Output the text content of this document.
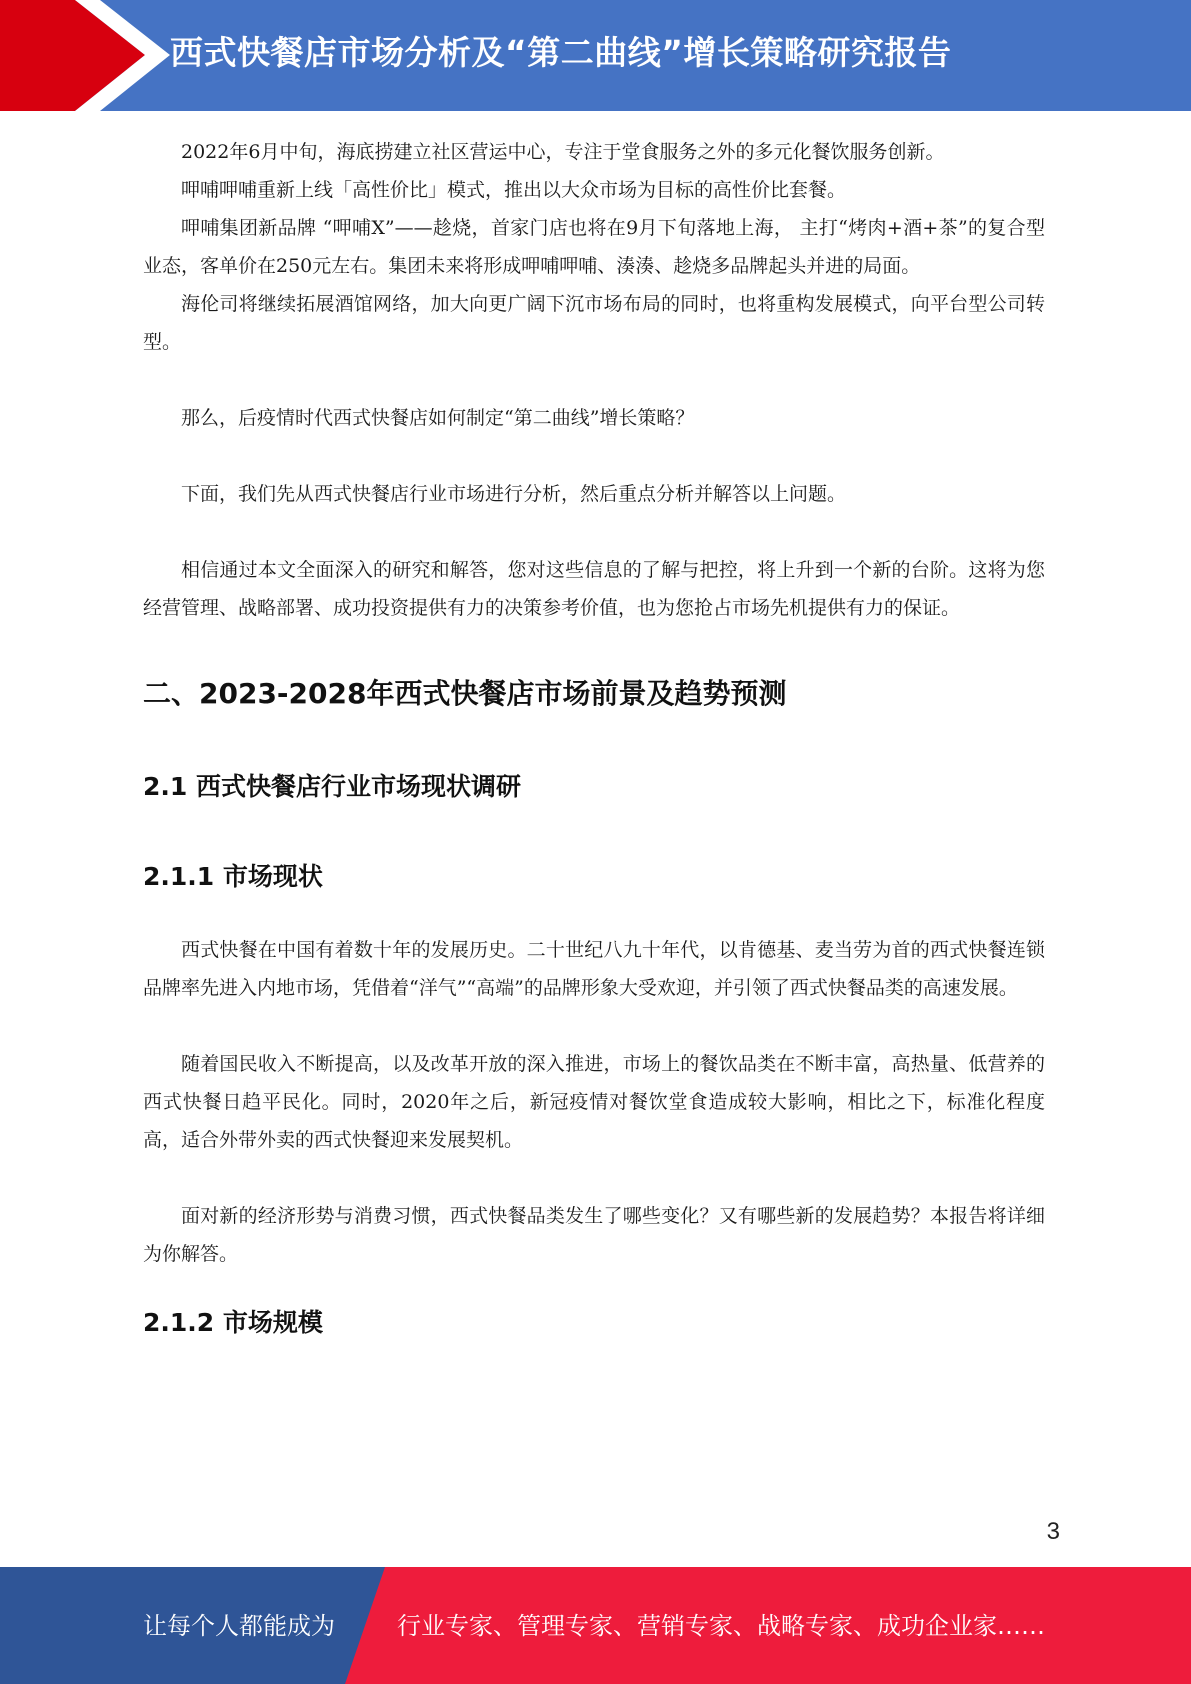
西式快餐店市场分析及“第二曲线”增长策略研究报告

2022年6月中旬，海底捞建立社区营运中心，专注于堂食服务之外的多元化餐饮服务创新。

呷哺呷哺重新上线「高性价比」模式，推出以大众市场为目标的高性价比套餐。

呷哺集团新品牌 “呷哺X”——趁烧，首家门店也将在9月下旬落地上海， 主打“烤肉+酒+茶”的复合型业态，客单价在250元左右。集团未来将形成呷哺呷哺、湊湊、趁烧多品牌起头并进的局面。

海伦司将继续拓展酒馆网络，加大向更广阔下沉市场布局的同时，也将重构发展模式，向平台型公司转型。

那么，后疫情时代西式快餐店如何制定“第二曲线”增长策略？

下面，我们先从西式快餐店行业市场进行分析，然后重点分析并解答以上问题。

相信通过本文全面深入的研究和解答，您对这些信息的了解与把控，将上升到一个新的台阶。这将为您经营管理、战略部署、成功投资提供有力的决策参考价值，也为您抢占市场先机提供有力的保证。

二、2023-2028年西式快餐店市场前景及趋势预测
2.1 西式快餐店行业市场现状调研
2.1.1 市场现状

西式快餐在中国有着数十年的发展历史。二十世纪八九十年代，以肯德基、麦当劳为首的西式快餐连锁品牌率先进入内地市场，凭借着“洋气”“高端”的品牌形象大受欢迎，并引领了西式快餐品类的高速发展。

随着国民收入不断提高，以及改革开放的深入推进，市场上的餐饮品类在不断丰富，高热量、低营养的西式快餐日趋平民化。同时，2020年之后，新冠疫情对餐饮堂食造成较大影响，相比之下，标准化程度高，适合外带外卖的西式快餐迎来发展契机。

面对新的经济形势与消费习惯，西式快餐品类发生了哪些变化？又有哪些新的发展趋势？本报告将详细为你解答。

2.1.2 市场规模
3
让每个人都能成为	行业专家、管理专家、营销专家、战略专家、成功企业家……
